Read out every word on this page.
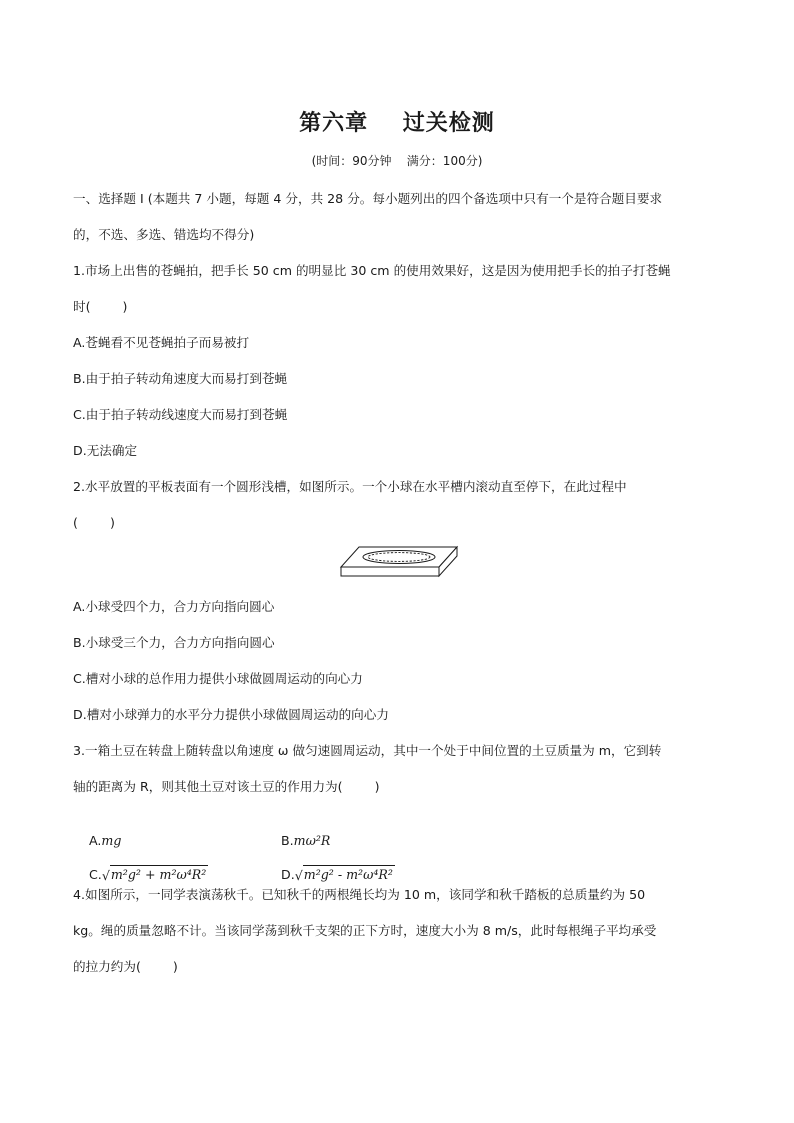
第六章    过关检测
(时间：90分钟    满分：100分)
一、选择题 I (本题共 7 小题，每题 4 分，共 28 分。每小题列出的四个备选项中只有一个是符合题目要求
的，不选、多选、错选均不得分)
1.市场上出售的苍蝇拍，把手长 50 cm 的明显比 30 cm 的使用效果好，这是因为使用把手长的拍子打苍蝇
时(        )
A.苍蝇看不见苍蝇拍子而易被打
B.由于拍子转动角速度大而易打到苍蝇
C.由于拍子转动线速度大而易打到苍蝇
D.无法确定
2.水平放置的平板表面有一个圆形浅槽，如图所示。一个小球在水平槽内滚动直至停下，在此过程中
(        )
A.小球受四个力，合力方向指向圆心
B.小球受三个力，合力方向指向圆心
C.槽对小球的总作用力提供小球做圆周运动的向心力
D.槽对小球弹力的水平分力提供小球做圆周运动的向心力
3.一箱土豆在转盘上随转盘以角速度 ω 做匀速圆周运动，其中一个处于中间位置的土豆质量为 m，它到转
轴的距离为 R，则其他土豆对该土豆的作用力为(        )

A.mg
	B.mω²R

C.√m²g² + m²ω⁴R²
	D.√m²g² - m²ω⁴R²

4.如图所示，一同学表演荡秋千。已知秋千的两根绳长均为 10 m，该同学和秋千踏板的总质量约为 50
kg。绳的质量忽略不计。当该同学荡到秋千支架的正下方时，速度大小为 8 m/s，此时每根绳子平均承受
的拉力约为(        )
